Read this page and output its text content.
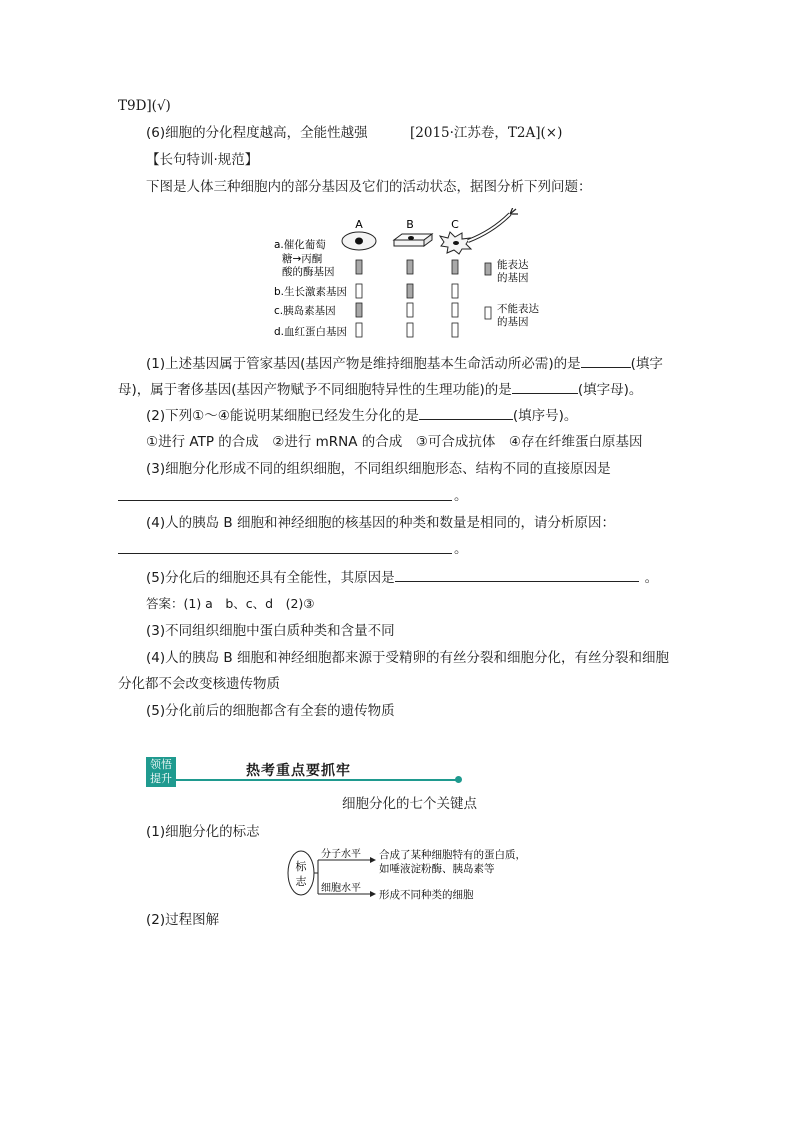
T9D](√)
(6)细胞的分化程度越高，全能性越强	[2015·江苏卷，T2A](×)
【长句特训·规范】
下图是人体三种细胞内的部分基因及它们的活动状态，据图分析下列问题：
A	B	C
a.催化葡萄
糖→丙酮
酸的酶基因
b.生长激素基因
c.胰岛素基因
d.血红蛋白基因
能表达
的基因
不能表达
的基因
(1)上述基因属于管家基因(基因产物是维持细胞基本生命活动所必需)的是	(填字
母)，属于奢侈基因(基因产物赋予不同细胞特异性的生理功能)的是	(填字母)。
(2)下列①～④能说明某细胞已经发生分化的是	(填序号)。
①进行 ATP 的合成　②进行 mRNA 的合成　③可合成抗体　④存在纤维蛋白原基因
(3)细胞分化形成不同的组织细胞，不同组织细胞形态、结构不同的直接原因是
。
(4)人的胰岛 B 细胞和神经细胞的核基因的种类和数量是相同的，请分析原因：
。
(5)分化后的细胞还具有全能性，其原因是	。
答案：(1) a　b、c、d　(2)③
(3)不同组织细胞中蛋白质种类和含量不同
(4)人的胰岛 B 细胞和神经细胞都来源于受精卵的有丝分裂和细胞分化，有丝分裂和细胞
分化都不会改变核遗传物质
(5)分化前后的细胞都含有全套的遗传物质
领悟
提升	热考重点要抓牢
细胞分化的七个关键点
(1)细胞分化的标志
标
志
分子水平
细胞水平
合成了某种细胞特有的蛋白质，
如唾液淀粉酶、胰岛素等
形成不同种类的细胞
(2)过程图解
